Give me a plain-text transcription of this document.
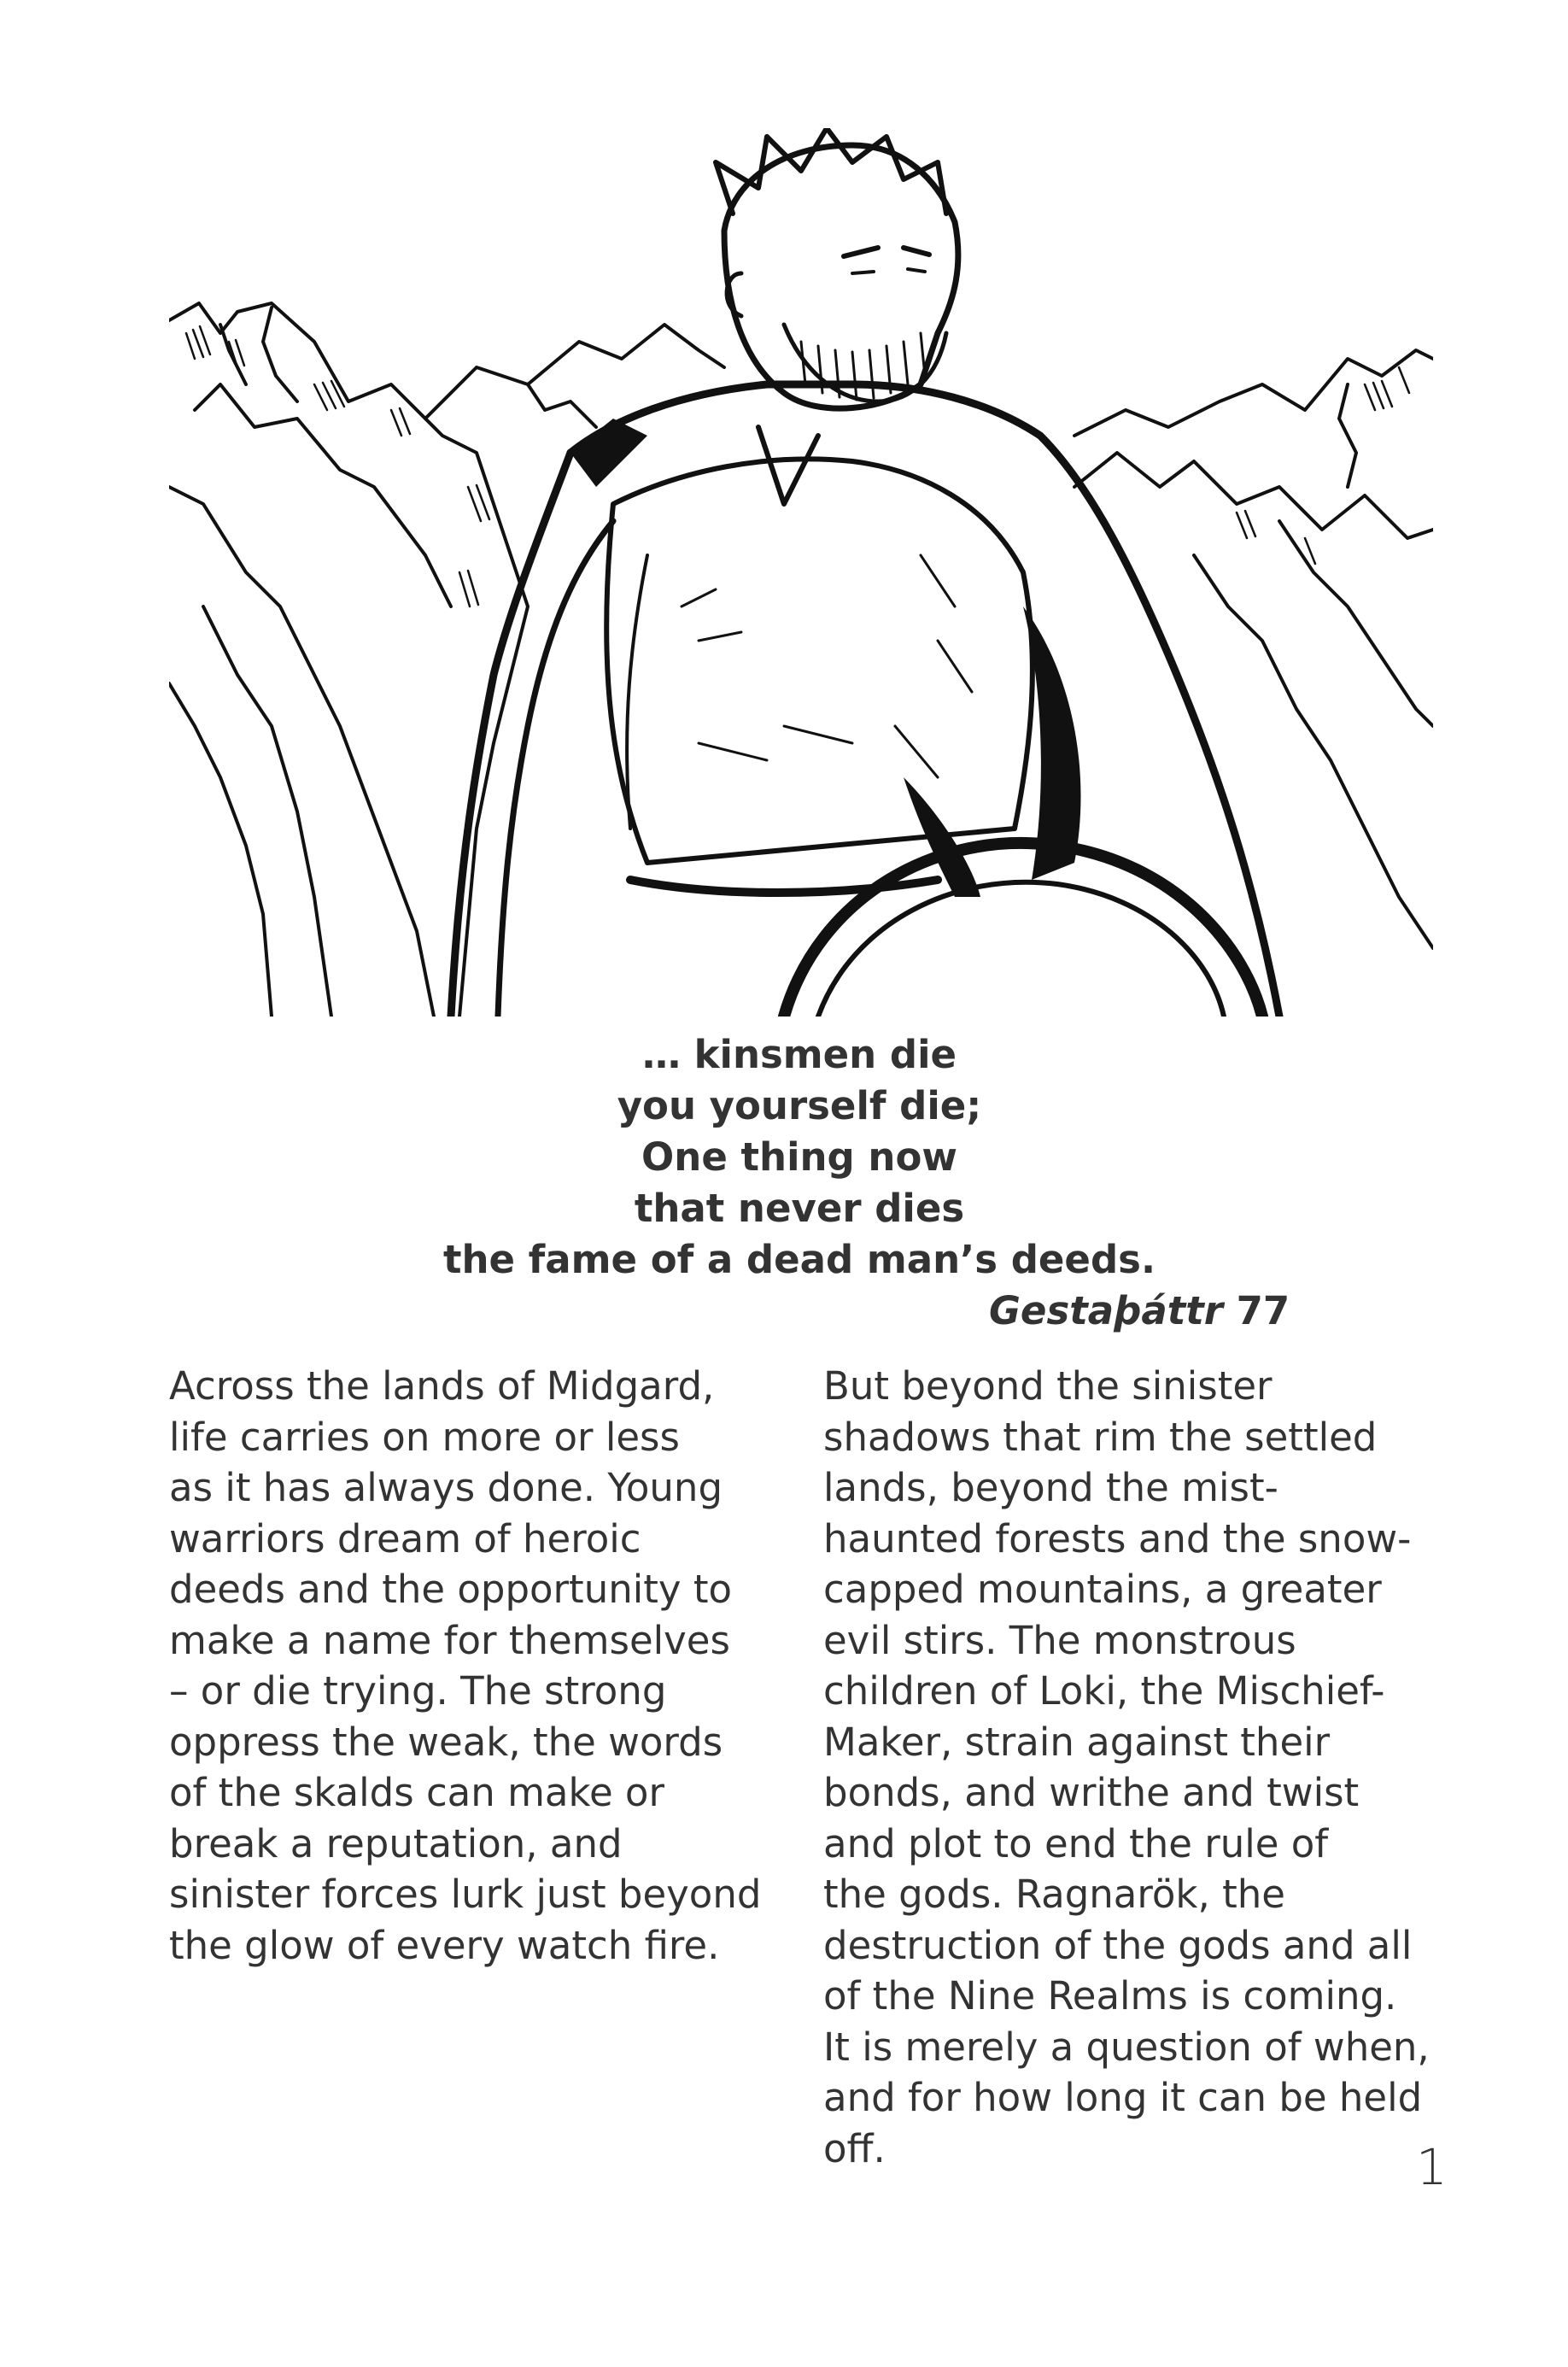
… kinsmen die
you yourself die;
One thing now
that never dies
the fame of a dead man’s deeds.
Gestaþáttr 77
Across the lands of Midgard,
life carries on more or less
as it has always done. Young
warriors dream of heroic
deeds and the opportunity to
make a name for themselves
– or die trying. The strong
oppress the weak, the words
of the skalds can make or
break a reputation, and
sinister forces lurk just beyond
the glow of every watch fire.
But beyond the sinister
shadows that rim the settled
lands, beyond the mist-
haunted forests and the snow-
capped mountains, a greater
evil stirs. The monstrous
children of Loki, the Mischief-
Maker, strain against their
bonds, and writhe and twist
and plot to end the rule of
the gods. Ragnarök, the
destruction of the gods and all
of the Nine Realms is coming.
It is merely a question of when,
and for how long it can be held
off.	1
